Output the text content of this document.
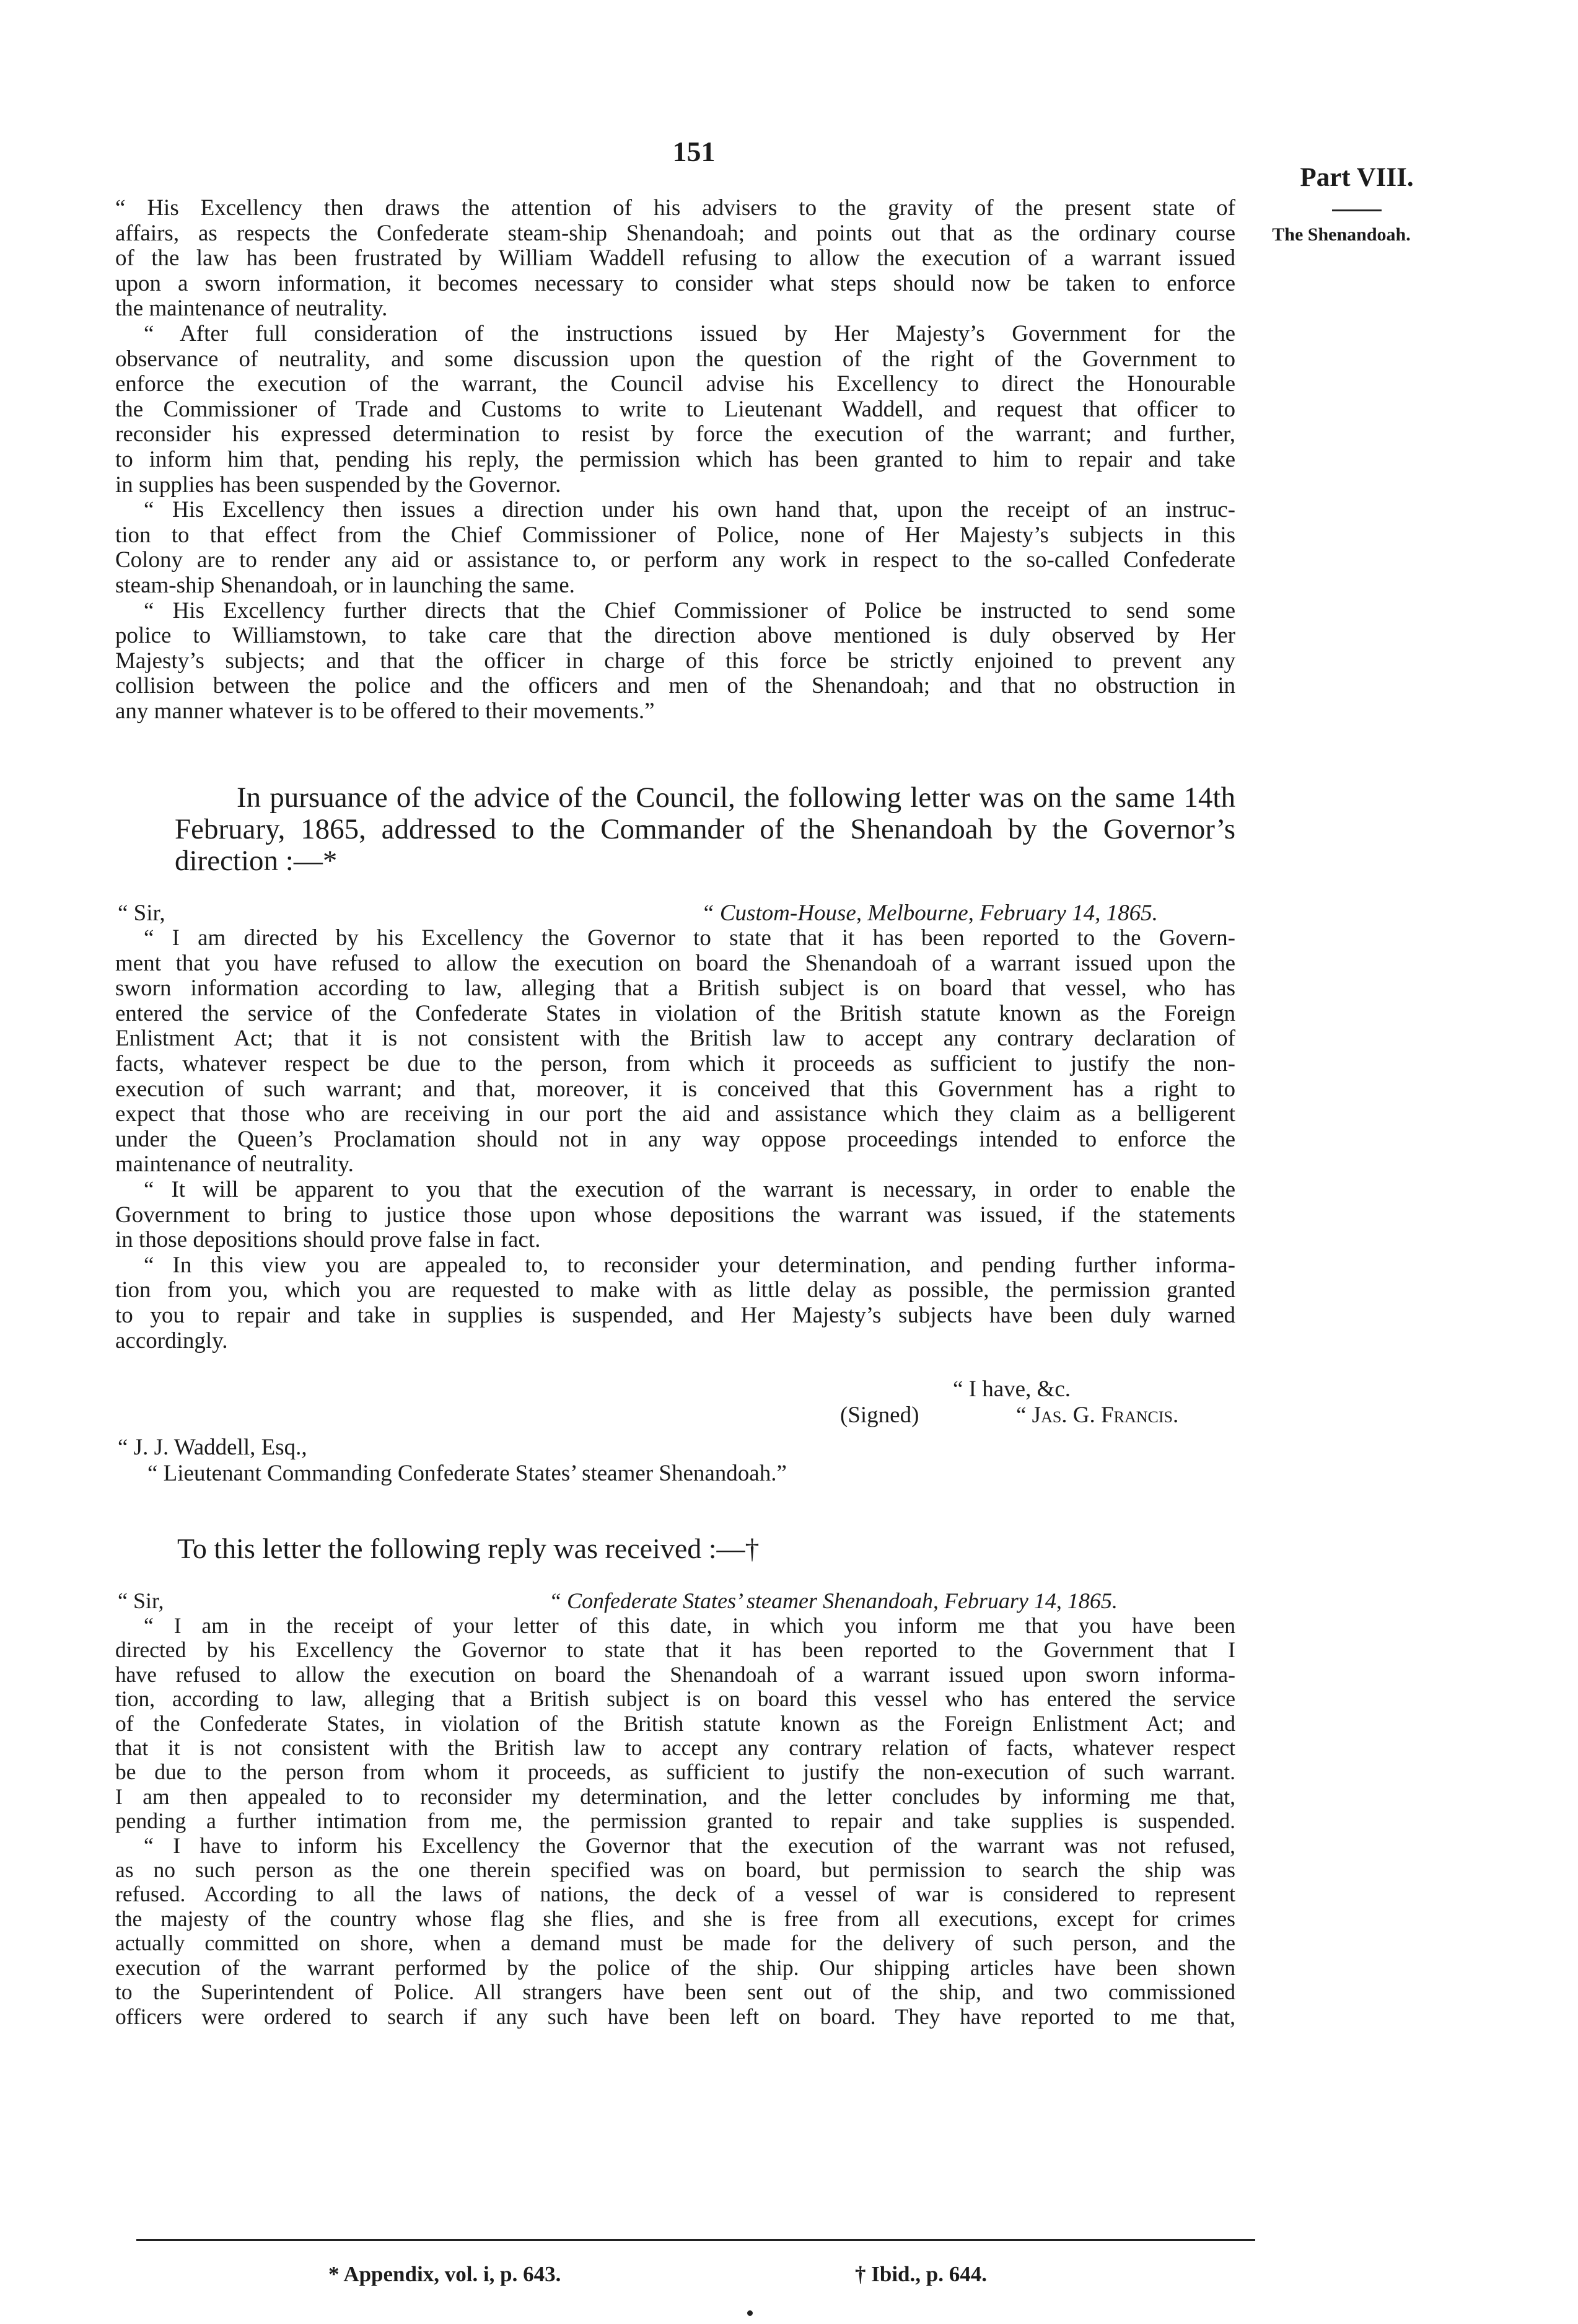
151
Part VIII.
The Shenandoah.
“ His Excellency then draws the attention of his advisers to the gravity of the present state of
affairs, as respects the Confederate steam-ship Shenandoah; and points out that as the ordinary course
of the law has been frustrated by William Waddell refusing to allow the execution of a warrant issued
upon a sworn information, it becomes necessary to consider what steps should now be taken to enforce
the maintenance of neutrality.
“ After full consideration of the instructions issued by Her Majesty’s Government for the
observance of neutrality, and some discussion upon the question of the right of the Government to
enforce the execution of the warrant, the Council advise his Excellency to direct the Honourable
the Commissioner of Trade and Customs to write to Lieutenant Waddell, and request that officer to
reconsider his expressed determination to resist by force the execution of the warrant; and further,
to inform him that, pending his reply, the permission which has been granted to him to repair and take
in supplies has been suspended by the Governor.
“ His Excellency then issues a direction under his own hand that, upon the receipt of an instruc-
tion to that effect from the Chief Commissioner of Police, none of Her Majesty’s subjects in this
Colony are to render any aid or assistance to, or perform any work in respect to the so-called Confederate
steam-ship Shenandoah, or in launching the same.
“ His Excellency further directs that the Chief Commissioner of Police be instructed to send some
police to Williamstown, to take care that the direction above mentioned is duly observed by Her
Majesty’s subjects; and that the officer in charge of this force be strictly enjoined to prevent any
collision between the police and the officers and men of the Shenandoah; and that no obstruction in
any manner whatever is to be offered to their movements.”
In pursuance of the advice of the Council, the following letter was on the same 14th
February, 1865, addressed to the Commander of the Shenandoah by the Governor’s
direction :—*
“ Sir,	“ Custom-House, Melbourne, February 14, 1865.
“ I am directed by his Excellency the Governor to state that it has been reported to the Govern-
ment that you have refused to allow the execution on board the Shenandoah of a warrant issued upon the
sworn information according to law, alleging that a British subject is on board that vessel, who has
entered the service of the Confederate States in violation of the British statute known as the Foreign
Enlistment Act; that it is not consistent with the British law to accept any contrary declaration of
facts, whatever respect be due to the person, from which it proceeds as sufficient to justify the non-
execution of such warrant; and that, moreover, it is conceived that this Government has a right to
expect that those who are receiving in our port the aid and assistance which they claim as a belligerent
under the Queen’s Proclamation should not in any way oppose proceedings intended to enforce the
maintenance of neutrality.
“ It will be apparent to you that the execution of the warrant is necessary, in order to enable the
Government to bring to justice those upon whose depositions the warrant was issued, if the statements
in those depositions should prove false in fact.
“ In this view you are appealed to, to reconsider your determination, and pending further informa-
tion from you, which you are requested to make with as little delay as possible, the permission granted
to you to repair and take in supplies is suspended, and Her Majesty’s subjects have been duly warned
accordingly.
“ I have, &c.
(Signed)	“ Jas. G. Francis.
“ J. J. Waddell, Esq.,
“ Lieutenant Commanding Confederate States’ steamer Shenandoah.”
To this letter the following reply was received :—†
“ Sir,	“ Confederate States’ steamer Shenandoah, February 14, 1865.
“ I am in the receipt of your letter of this date, in which you inform me that you have been
directed by his Excellency the Governor to state that it has been reported to the Government that I
have refused to allow the execution on board the Shenandoah of a warrant issued upon sworn informa-
tion, according to law, alleging that a British subject is on board this vessel who has entered the service
of the Confederate States, in violation of the British statute known as the Foreign Enlistment Act; and
that it is not consistent with the British law to accept any contrary relation of facts, whatever respect
be due to the person from whom it proceeds, as sufficient to justify the non-execution of such warrant.
I am then appealed to to reconsider my determination, and the letter concludes by informing me that,
pending a further intimation from me, the permission granted to repair and take supplies is suspended.
“ I have to inform his Excellency the Governor that the execution of the warrant was not refused,
as no such person as the one therein specified was on board, but permission to search the ship was
refused. According to all the laws of nations, the deck of a vessel of war is considered to represent
the majesty of the country whose flag she flies, and she is free from all executions, except for crimes
actually committed on shore, when a demand must be made for the delivery of such person, and the
execution of the warrant performed by the police of the ship. Our shipping articles have been shown
to the Superintendent of Police. All strangers have been sent out of the ship, and two commissioned
officers were ordered to search if any such have been left on board. They have reported to me that,
* Appendix, vol. i, p. 643.	† Ibid., p. 644.
